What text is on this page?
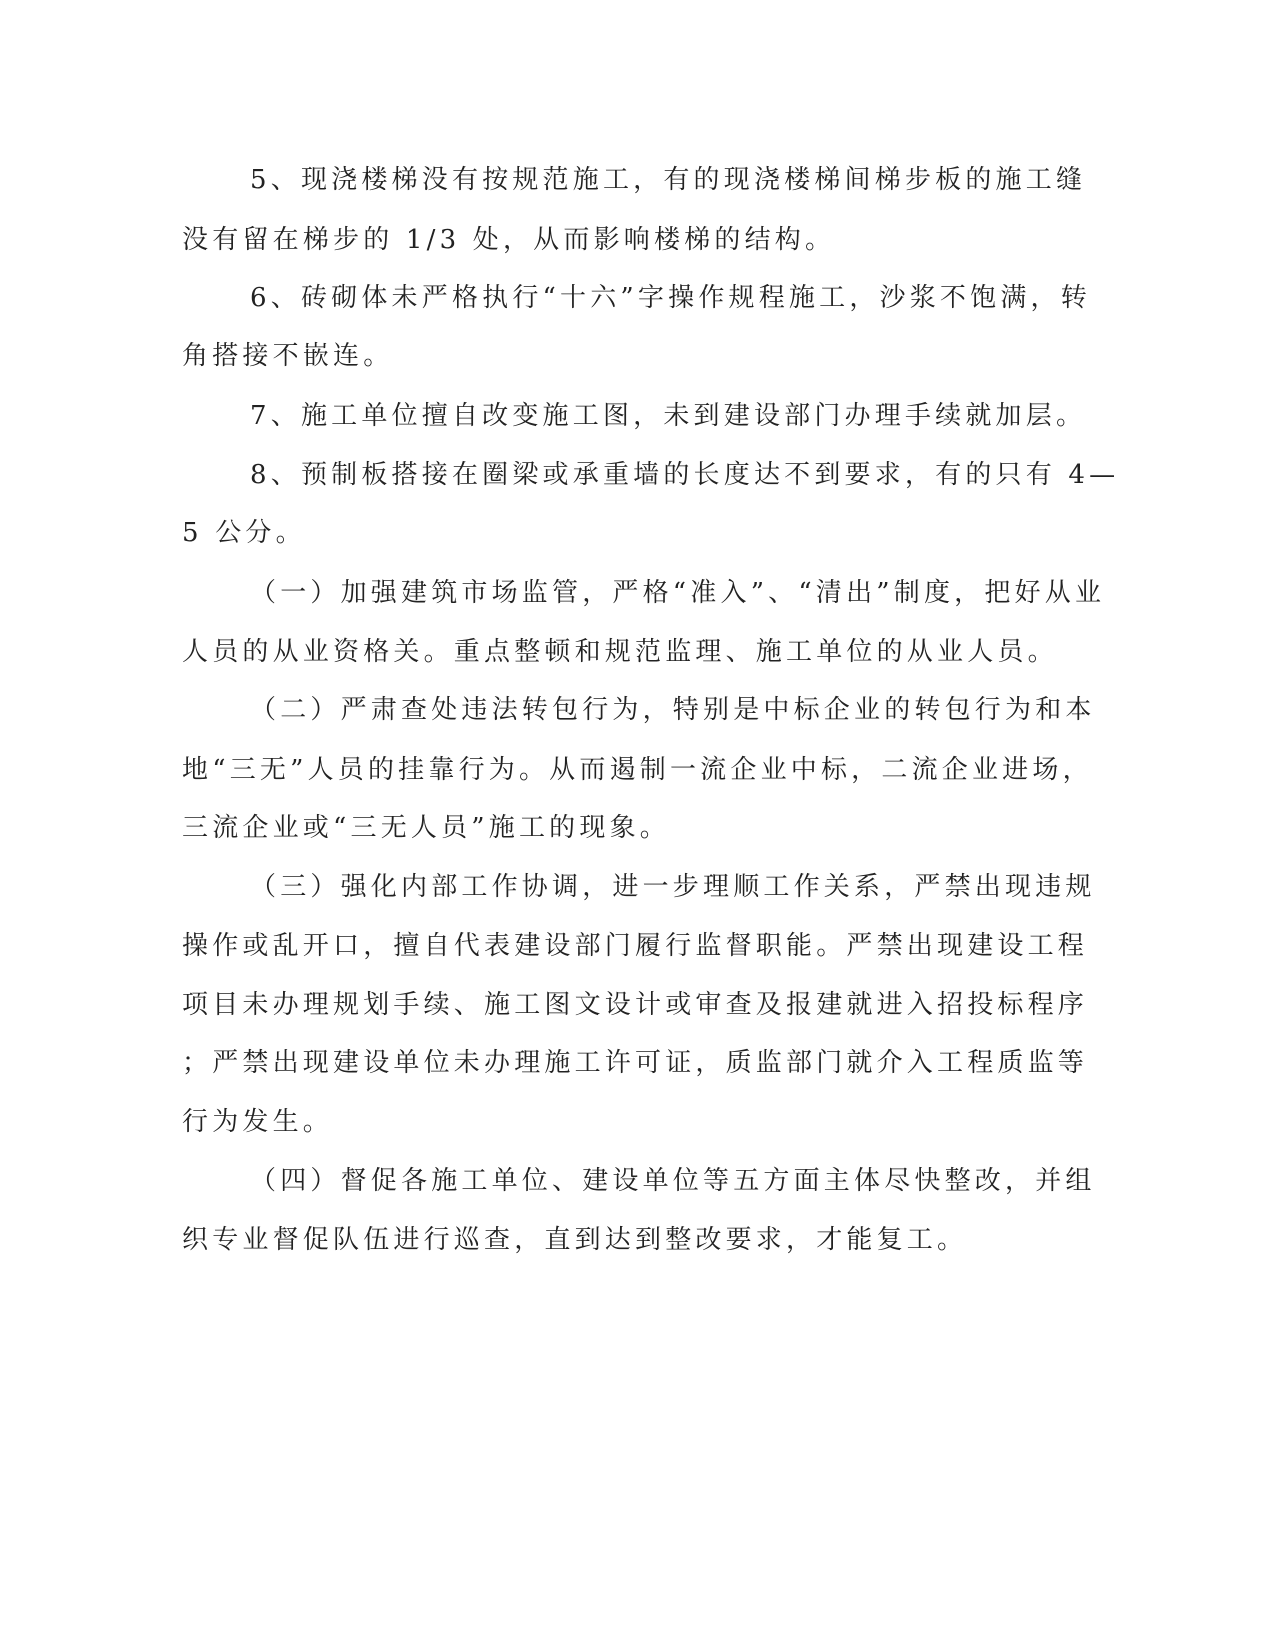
5、现浇楼梯没有按规范施工，有的现浇楼梯间梯步板的施工缝
没有留在梯步的 1/3 处，从而影响楼梯的结构。
6、砖砌体未严格执行“十六”字操作规程施工，沙浆不饱满，转
角搭接不嵌连。
7、施工单位擅自改变施工图，未到建设部门办理手续就加层。
8、预制板搭接在圈梁或承重墙的长度达不到要求，有的只有 4—
5 公分。
（一）加强建筑市场监管，严格“准入”、“清出”制度，把好从业
人员的从业资格关。重点整顿和规范监理、施工单位的从业人员。
（二）严肃查处违法转包行为，特别是中标企业的转包行为和本
地“三无”人员的挂靠行为。从而遏制一流企业中标，二流企业进场，
三流企业或“三无人员”施工的现象。
（三）强化内部工作协调，进一步理顺工作关系，严禁出现违规
操作或乱开口，擅自代表建设部门履行监督职能。严禁出现建设工程
项目未办理规划手续、施工图文设计或审查及报建就进入招投标程序
；严禁出现建设单位未办理施工许可证，质监部门就介入工程质监等
行为发生。
（四）督促各施工单位、建设单位等五方面主体尽快整改，并组
织专业督促队伍进行巡查，直到达到整改要求，才能复工。
